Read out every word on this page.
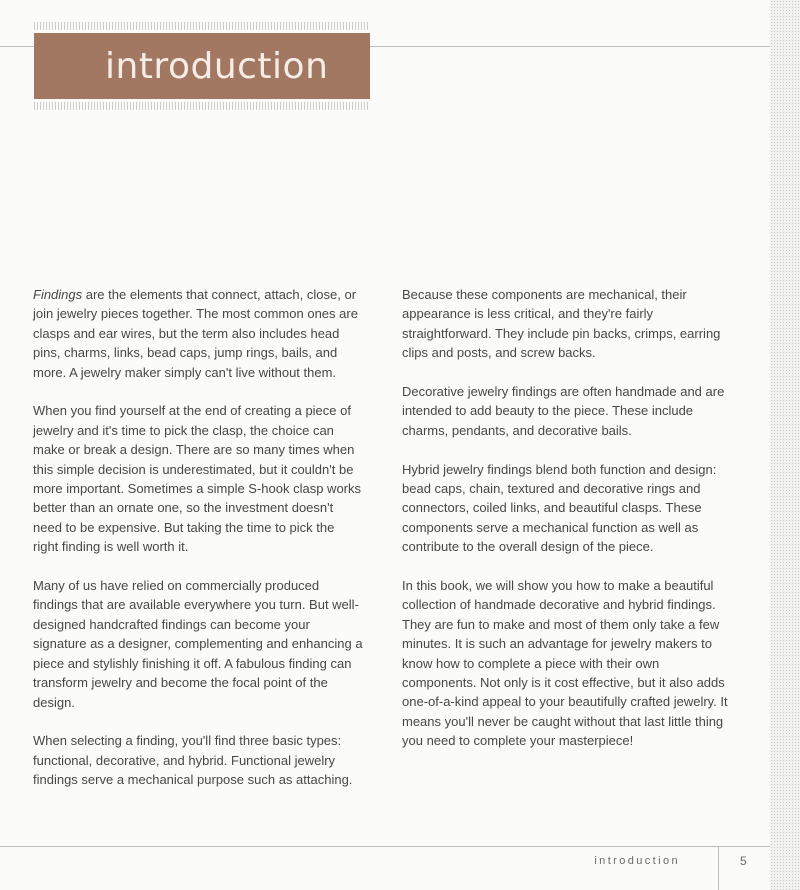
introduction

Findings are the elements that connect, attach, close, or join jewelry pieces together. The most common ones are clasps and ear wires, but the term also includes head pins, charms, links, bead caps, jump rings, bails, and more. A jewelry maker simply can't live without them.

When you find yourself at the end of creating a piece of jewelry and it's time to pick the clasp, the choice can make or break a design. There are so many times when this simple decision is underestimated, but it couldn't be more important. Sometimes a simple S-hook clasp works better than an ornate one, so the investment doesn't need to be expensive. But taking the time to pick the right finding is well worth it.

Many of us have relied on commercially produced findings that are available everywhere you turn. But well-designed handcrafted findings can become your signature as a designer, complementing and enhancing a piece and stylishly finishing it off. A fabulous finding can transform jewelry and become the focal point of the design.

When selecting a finding, you'll find three basic types: functional, decorative, and hybrid. Functional jewelry findings serve a mechanical purpose such as attaching.

Because these components are mechanical, their appearance is less critical, and they're fairly straightforward. They include pin backs, crimps, earring clips and posts, and screw backs.

Decorative jewelry findings are often handmade and are intended to add beauty to the piece. These include charms, pendants, and decorative bails.

Hybrid jewelry findings blend both function and design: bead caps, chain, textured and decorative rings and connectors, coiled links, and beautiful clasps. These components serve a mechanical function as well as contribute to the overall design of the piece.

In this book, we will show you how to make a beautiful collection of handmade decorative and hybrid findings. They are fun to make and most of them only take a few minutes. It is such an advantage for jewelry makers to know how to complete a piece with their own components. Not only is it cost effective, but it also adds one-of-a-kind appeal to your beautifully crafted jewelry. It means you'll never be caught without that last little thing you need to complete your masterpiece!

introduction	5
